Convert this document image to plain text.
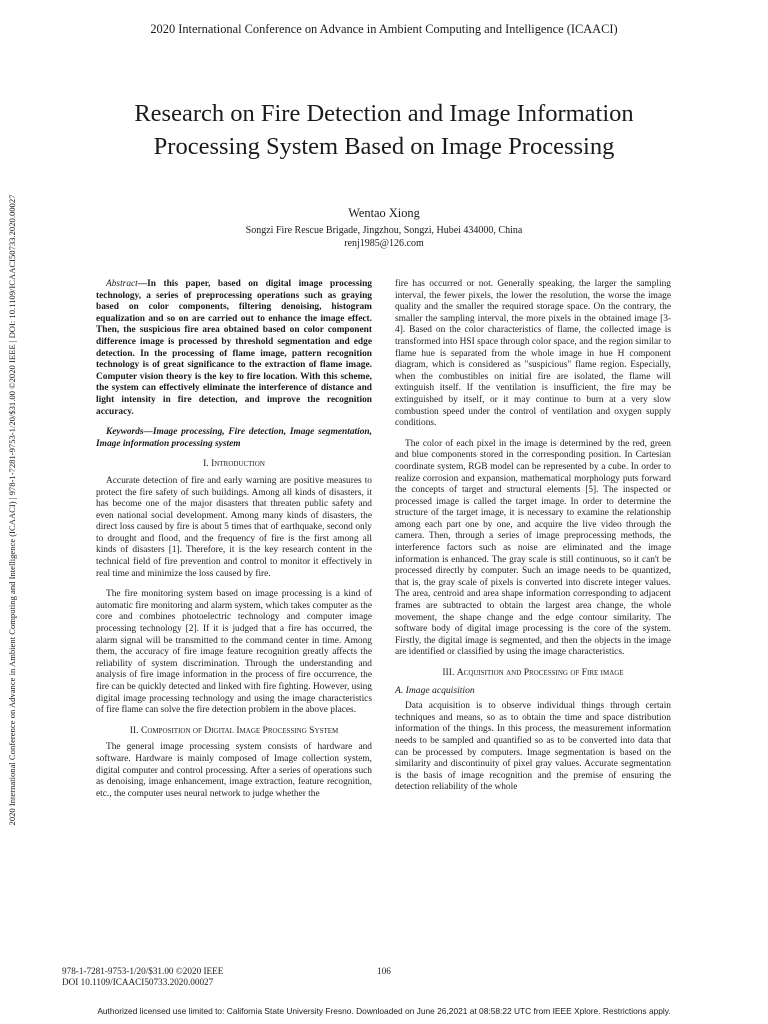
2020 International Conference on Advance in Ambient Computing and Intelligence (ICAACI)
2020 International Conference on Advance in Ambient Computing and Intelligence (ICAACI) | 978-1-7281-9753-1/20/$31.00 ©2020 IEEE | DOI: 10.1109/ICAACI50733.2020.00027
Research on Fire Detection and Image Information
Processing System Based on Image Processing
Wentao Xiong
Songzi Fire Rescue Brigade, Jingzhou, Songzi, Hubei 434000, China
renj1985@126.com

Abstract—In this paper, based on digital image processing technology, a series of preprocessing operations such as graying based on color components, filtering denoising, histogram equalization and so on are carried out to enhance the image effect. Then, the suspicious fire area obtained based on color component difference image is processed by threshold segmentation and edge detection. In the processing of flame image, pattern recognition technology is of great significance to the extraction of flame image. Computer vision theory is the key to fire location. With this scheme, the system can effectively eliminate the interference of distance and light intensity in fire detection, and improve the recognition accuracy.

Keywords—Image processing, Fire detection, Image segmentation, Image information processing system

I. Introduction

Accurate detection of fire and early warning are positive measures to protect the fire safety of such buildings. Among all kinds of disasters, it has become one of the major disasters that threaten public safety and even national social development. Among many kinds of disasters, the direct loss caused by fire is about 5 times that of earthquake, second only to drought and flood, and the frequency of fire is the first among all kinds of disasters [1]. Therefore, it is the key research content in the technical field of fire prevention and control to monitor it effectively in real time and minimize the loss caused by fire.

The fire monitoring system based on image processing is a kind of automatic fire monitoring and alarm system, which takes computer as the core and combines photoelectric technology and computer image processing technology [2]. If it is judged that a fire has occurred, the alarm signal will be transmitted to the command center in time. Among them, the accuracy of fire image feature recognition greatly affects the reliability of system discrimination. Through the understanding and analysis of fire image information in the process of fire occurrence, the fire can be quickly detected and linked with fire fighting. However, using digital image processing technology and using the image characteristics of fire flame can solve the fire detection problem in the above places.

II. Composition of Digital Image Processing System

The general image processing system consists of hardware and software. Hardware is mainly composed of Image collection system, digital computer and control processing. After a series of operations such as denoising, image enhancement, image extraction, feature recognition, etc., the computer uses neural network to judge whether the

fire has occurred or not. Generally speaking, the larger the sampling interval, the fewer pixels, the lower the resolution, the worse the image quality and the smaller the required storage space. On the contrary, the smaller the sampling interval, the more pixels in the obtained image [3-4]. Based on the color characteristics of flame, the collected image is transformed into HSI space through color space, and the region similar to flame hue is separated from the whole image in hue H component diagram, which is considered as "suspicious" flame region. Especially, when the combustibles on initial fire are isolated, the flame will extinguish itself. If the ventilation is insufficient, the fire may be extinguished by itself, or it may continue to burn at a very slow combustion speed under the control of ventilation and oxygen supply conditions.

The color of each pixel in the image is determined by the red, green and blue components stored in the corresponding position. In Cartesian coordinate system, RGB model can be represented by a cube. In order to realize corrosion and expansion, mathematical morphology puts forward the concepts of target and structural elements [5]. The inspected or processed image is called the target image. In order to determine the structure of the target image, it is necessary to examine the relationship among each part one by one, and acquire the live video through the camera. Then, through a series of image preprocessing methods, the interference factors such as noise are eliminated and the image information is enhanced. The gray scale is still continuous, so it can't be processed directly by computer. Such an image needs to be quantized, that is, the gray scale of pixels is converted into discrete integer values. The area, centroid and area shape information corresponding to adjacent frames are subtracted to obtain the largest area change, the whole movement, the shape change and the edge contour similarity. The software body of digital image processing is the core of the system. Firstly, the digital image is segmented, and then the objects in the image are identified or classified by using the image characteristics.

III. Acquisition and Processing of Fire image
A. Image acquisition

Data acquisition is to observe individual things through certain techniques and means, so as to obtain the time and space distribution information of the things. In this process, the measurement information needs to be sampled and quantified so as to be converted into data that can be processed by computers. Image segmentation is based on the similarity and discontinuity of pixel gray values. Accurate segmentation is the basis of image recognition and the premise of ensuring the detection reliability of the whole

978-1-7281-9753-1/20/$31.00 ©2020 IEEE
DOI 10.1109/ICAACI50733.2020.00027
106
Authorized licensed use limited to: California State University Fresno. Downloaded on June 26,2021 at 08:58:22 UTC from IEEE Xplore. Restrictions apply.
